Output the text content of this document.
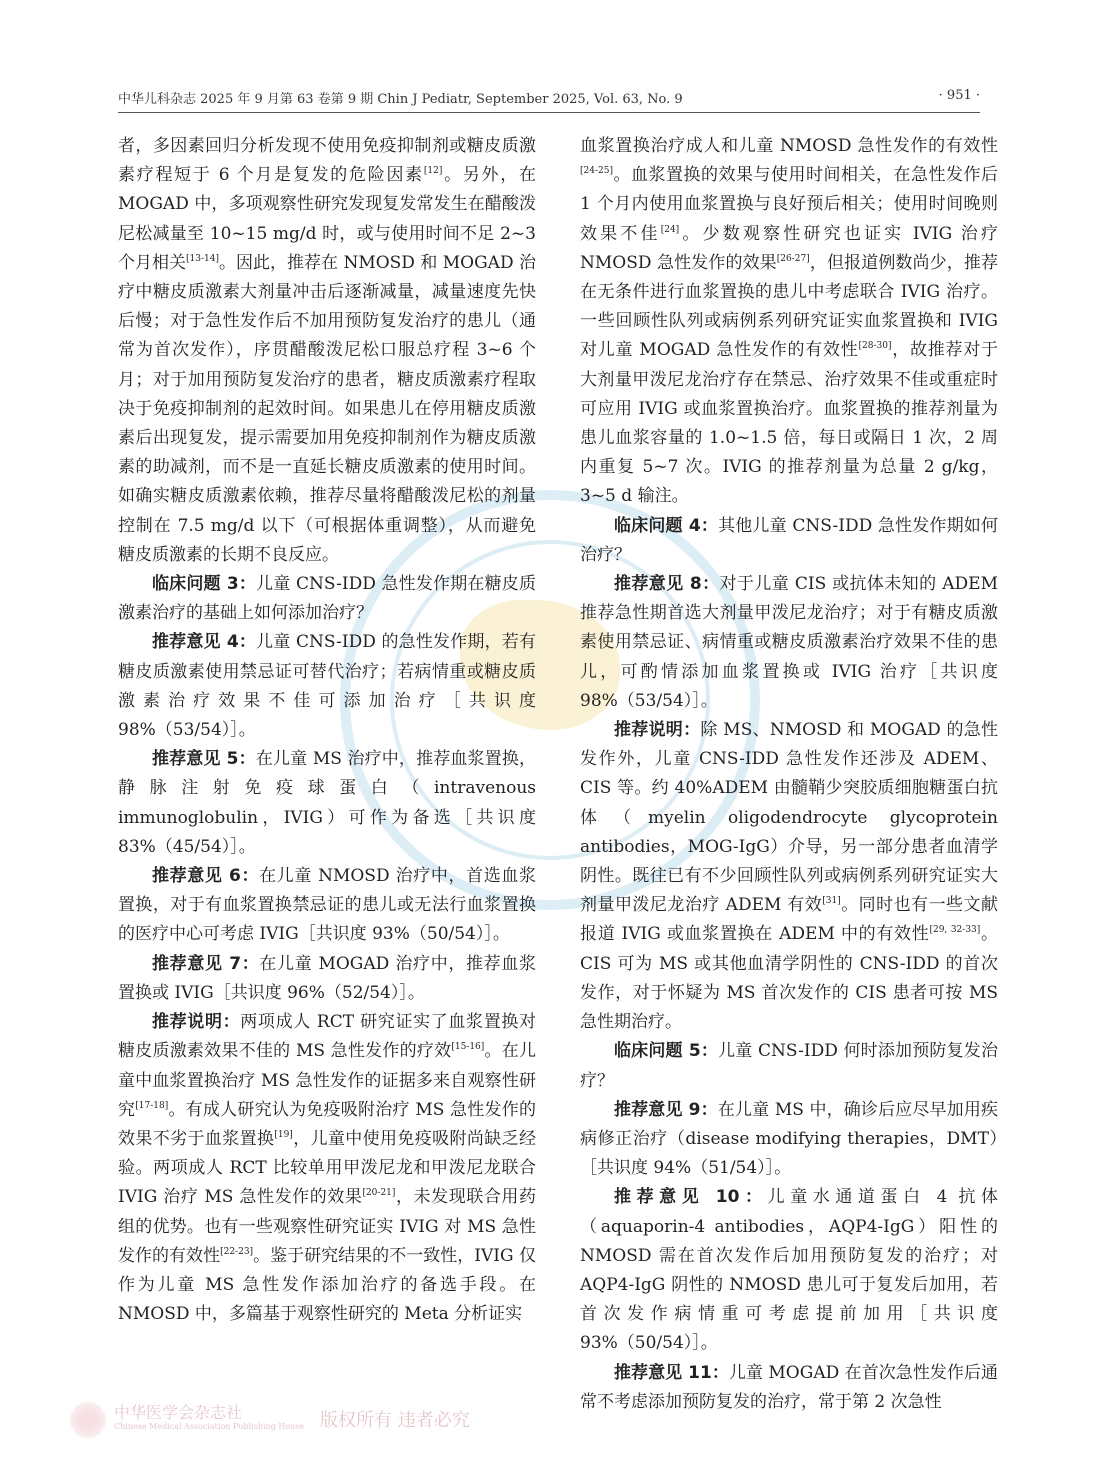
中华儿科杂志 2025 年 9 月第 63 卷第 9 期 Chin J Pediatr, September 2025, Vol. 63, No. 9	· 951 ·

者，多因素回归分析发现不使用免疫抑制剂或糖皮质激素疗程短于 6 个月是复发的危险因素[12]。另外，在 MOGAD 中，多项观察性研究发现复发常发生在醋酸泼尼松减量至 10~15 mg/d 时，或与使用时间不足 2~3 个月相关[13-14]。因此，推荐在 NMOSD 和 MOGAD 治疗中糖皮质激素大剂量冲击后逐渐减量，减量速度先快后慢；对于急性发作后不加用预防复发治疗的患儿（通常为首次发作），序贯醋酸泼尼松口服总疗程 3~6 个月；对于加用预防复发治疗的患者，糖皮质激素疗程取决于免疫抑制剂的起效时间。如果患儿在停用糖皮质激素后出现复发，提示需要加用免疫抑制剂作为糖皮质激素的助减剂，而不是一直延长糖皮质激素的使用时间。如确实糖皮质激素依赖，推荐尽量将醋酸泼尼松的剂量控制在 7.5 mg/d 以下（可根据体重调整），从而避免糖皮质激素的长期不良反应。

临床问题 3：儿童 CNS-IDD 急性发作期在糖皮质激素治疗的基础上如何添加治疗？

推荐意见 4：儿童 CNS-IDD 的急性发作期，若有糖皮质激素使用禁忌证可替代治疗；若病情重或糖皮质激素治疗效果不佳可添加治疗［共识度 98%（53/54）］。

推荐意见 5：在儿童 MS 治疗中，推荐血浆置换，静脉注射免疫球蛋白（intravenous immunoglobulin，IVIG）可作为备选［共识度 83%（45/54）］。

推荐意见 6：在儿童 NMOSD 治疗中，首选血浆置换，对于有血浆置换禁忌证的患儿或无法行血浆置换的医疗中心可考虑 IVIG［共识度 93%（50/54）］。

推荐意见 7：在儿童 MOGAD 治疗中，推荐血浆置换或 IVIG［共识度 96%（52/54）］。

推荐说明：两项成人 RCT 研究证实了血浆置换对糖皮质激素效果不佳的 MS 急性发作的疗效[15-16]。在儿童中血浆置换治疗 MS 急性发作的证据多来自观察性研究[17-18]。有成人研究认为免疫吸附治疗 MS 急性发作的效果不劣于血浆置换[19]，儿童中使用免疫吸附尚缺乏经验。两项成人 RCT 比较单用甲泼尼龙和甲泼尼龙联合 IVIG 治疗 MS 急性发作的效果[20-21]，未发现联合用药组的优势。也有一些观察性研究证实 IVIG 对 MS 急性发作的有效性[22-23]。鉴于研究结果的不一致性，IVIG 仅作为儿童 MS 急性发作添加治疗的备选手段。在 NMOSD 中，多篇基于观察性研究的 Meta 分析证实

血浆置换治疗成人和儿童 NMOSD 急性发作的有效性[24-25]。血浆置换的效果与使用时间相关，在急性发作后 1 个月内使用血浆置换与良好预后相关；使用时间晚则效果不佳[24]。少数观察性研究也证实 IVIG 治疗 NMOSD 急性发作的效果[26-27]，但报道例数尚少，推荐在无条件进行血浆置换的患儿中考虑联合 IVIG 治疗。一些回顾性队列或病例系列研究证实血浆置换和 IVIG 对儿童 MOGAD 急性发作的有效性[28-30]，故推荐对于大剂量甲泼尼龙治疗存在禁忌、治疗效果不佳或重症时可应用 IVIG 或血浆置换治疗。血浆置换的推荐剂量为患儿血浆容量的 1.0~1.5 倍，每日或隔日 1 次，2 周内重复 5~7 次。IVIG 的推荐剂量为总量 2 g/kg，3~5 d 输注。

临床问题 4：其他儿童 CNS-IDD 急性发作期如何治疗？

推荐意见 8：对于儿童 CIS 或抗体未知的 ADEM 推荐急性期首选大剂量甲泼尼龙治疗；对于有糖皮质激素使用禁忌证、病情重或糖皮质激素治疗效果不佳的患儿，可酌情添加血浆置换或 IVIG 治疗［共识度 98%（53/54）］。

推荐说明：除 MS、NMOSD 和 MOGAD 的急性发作外，儿童 CNS-IDD 急性发作还涉及 ADEM、CIS 等。约 40%ADEM 由髓鞘少突胶质细胞糖蛋白抗体（myelin oligodendrocyte glycoprotein antibodies，MOG-IgG）介导，另一部分患者血清学阴性。既往已有不少回顾性队列或病例系列研究证实大剂量甲泼尼龙治疗 ADEM 有效[31]。同时也有一些文献报道 IVIG 或血浆置换在 ADEM 中的有效性[29, 32-33]。CIS 可为 MS 或其他血清学阴性的 CNS-IDD 的首次发作，对于怀疑为 MS 首次发作的 CIS 患者可按 MS 急性期治疗。

临床问题 5：儿童 CNS-IDD 何时添加预防复发治疗？

推荐意见 9：在儿童 MS 中，确诊后应尽早加用疾病修正治疗（disease modifying therapies，DMT）［共识度 94%（51/54）］。

推荐意见 10：儿童水通道蛋白 4 抗体（aquaporin-4 antibodies，AQP4-IgG）阳性的 NMOSD 需在首次发作后加用预防复发的治疗；对 AQP4-IgG 阴性的 NMOSD 患儿可于复发后加用，若首次发作病情重可考虑提前加用［共识度 93%（50/54）］。

推荐意见 11：儿童 MOGAD 在首次急性发作后通常不考虑添加预防复发的治疗，常于第 2 次急性

中华医学会杂志社
Chinese Medical Association Publishing House 版权所有 违者必究
